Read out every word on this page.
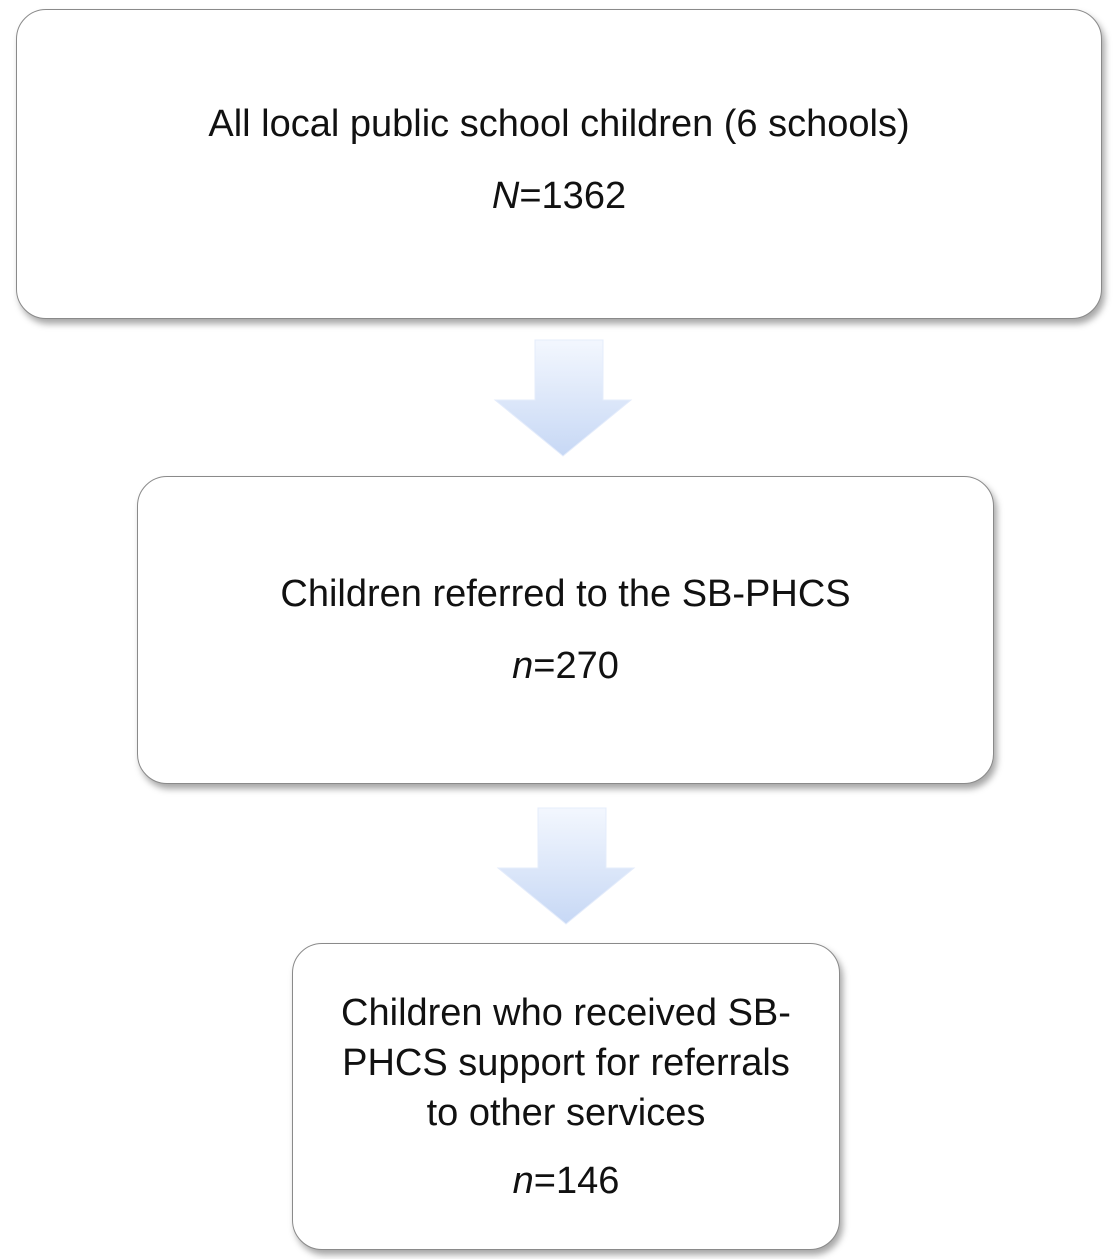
All local public school children (6 schools)

N=1362

Children referred to the SB-PHCS

n=270

Children who received SB-
PHCS support for referrals
to other services

n=146
